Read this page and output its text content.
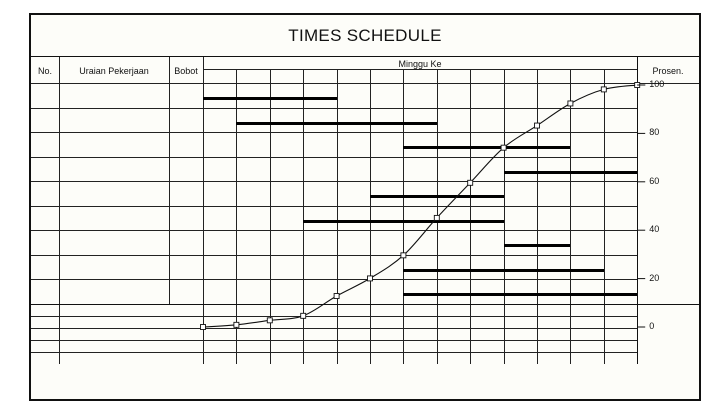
TIMES SCHEDULE
No.	Uraian Pekerjaan	Bobot
Minggu Ke
Prosen.
100
80
60
40
20
0
